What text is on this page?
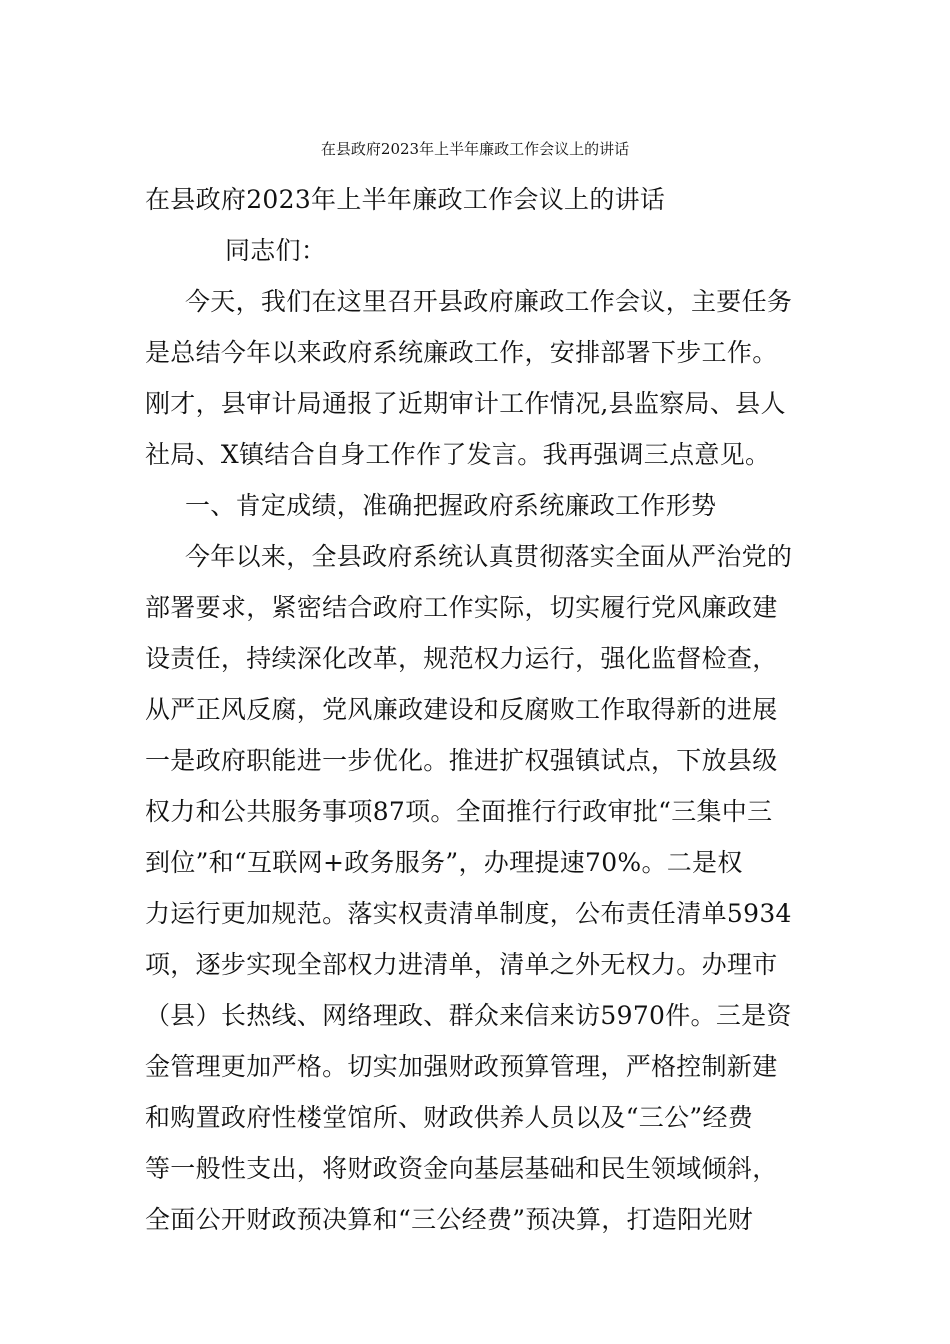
在县政府2023年上半年廉政工作会议上的讲话
在县政府2023年上半年廉政工作会议上的讲话
同志们：
今天，我们在这里召开县政府廉政工作会议，主要任务
是总结今年以来政府系统廉政工作，安排部署下步工作。
刚才，县审计局通报了近期审计工作情况,县监察局、县人
社局、X镇结合自身工作作了发言。我再强调三点意见。
一、肯定成绩，准确把握政府系统廉政工作形势
今年以来，全县政府系统认真贯彻落实全面从严治党的
部署要求，紧密结合政府工作实际，切实履行党风廉政建
设责任，持续深化改革，规范权力运行，强化监督检查，
从严正风反腐，党风廉政建设和反腐败工作取得新的进展
一是政府职能进一步优化。推进扩权强镇试点，下放县级
权力和公共服务事项87项。全面推行行政审批“三集中三
到位”和“互联网+政务服务”，办理提速70%。二是权
力运行更加规范。落实权责清单制度，公布责任清单5934
项，逐步实现全部权力进清单，清单之外无权力。办理市
（县）长热线、网络理政、群众来信来访5970件。三是资
金管理更加严格。切实加强财政预算管理，严格控制新建
和购置政府性楼堂馆所、财政供养人员以及“三公”经费
等一般性支出，将财政资金向基层基础和民生领域倾斜，
全面公开财政预决算和“三公经费”预决算，打造阳光财
